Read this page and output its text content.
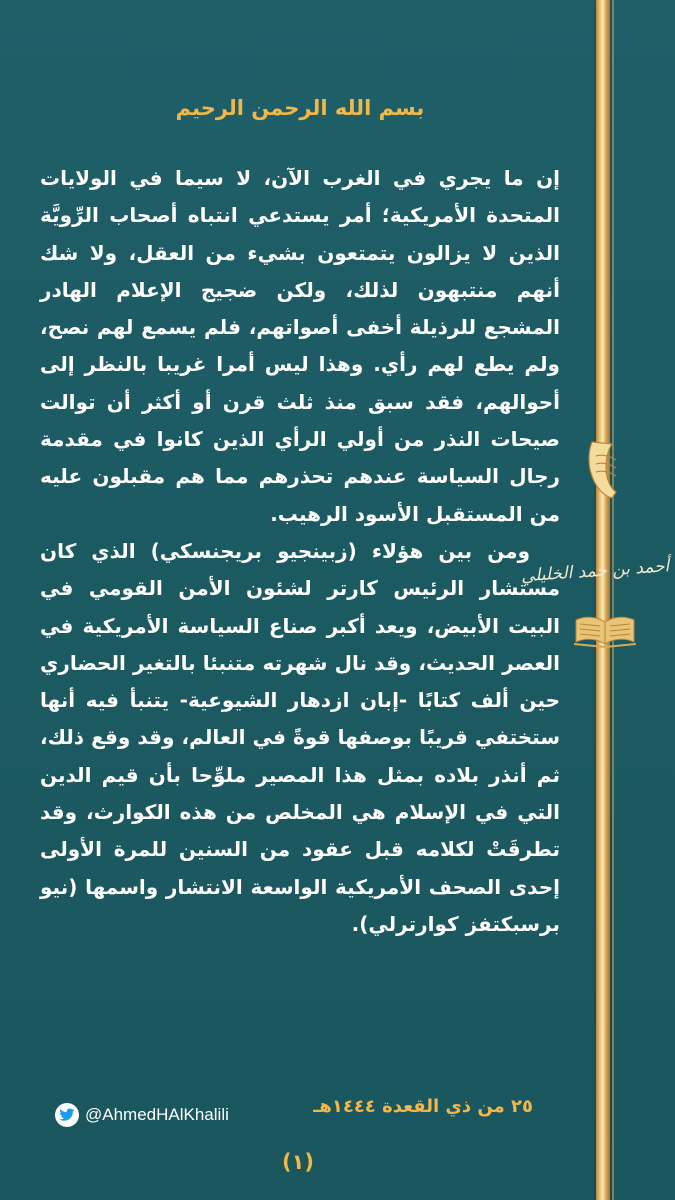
أحمد بن حمد الخليلي
بسم الله الرحمن الرحيم

إن ما يجري في الغرب الآن، لا سيما في الولايات المتحدة الأمريكية؛ أمر يستدعي انتباه أصحاب الرِّويَّة الذين لا يزالون يتمتعون بشيء من العقل، ولا شك أنهم منتبهون لذلك، ولكن ضجيج الإعلام الهادر المشجع للرذيلة أخفى أصواتهم، فلم يسمع لهم نصح، ولم يطع لهم رأي. وهذا ليس أمرا غريبا بالنظر إلى أحوالهم، فقد سبق منذ ثلث قرن أو أكثر أن توالت صيحات النذر من أولي الرأي الذين كانوا في مقدمة رجال السياسة عندهم تحذرهم مما هم مقبلون عليه من المستقبل الأسود الرهيب.

ومن بين هؤلاء (زبينجيو بريجنسكي) الذي كان مستشار الرئيس كارتر لشئون الأمن القومي في البيت الأبيض، ويعد أكبر صناع السياسة الأمريكية في العصر الحديث، وقد نال شهرته متنبئا بالتغير الحضاري حين ألف كتابًا -إبان ازدهار الشيوعية- يتنبأ فيه أنها ستختفي قريبًا بوصفها قوةً في العالم، وقد وقع ذلك، ثم أنذر بلاده بمثل هذا المصير ملوِّحا بأن قيم الدين التي في الإسلام هي المخلص من هذه الكوارث، وقد تطرقَتْ لكلامه قبل عقود من السنين للمرة الأولى إحدى الصحف الأمريكية الواسعة الانتشار واسمها (نيو برسبكتفز كوارترلي).

٢٥ من ذي القعدة ١٤٤٤هـ
@AhmedHAlKhalili
(١)
